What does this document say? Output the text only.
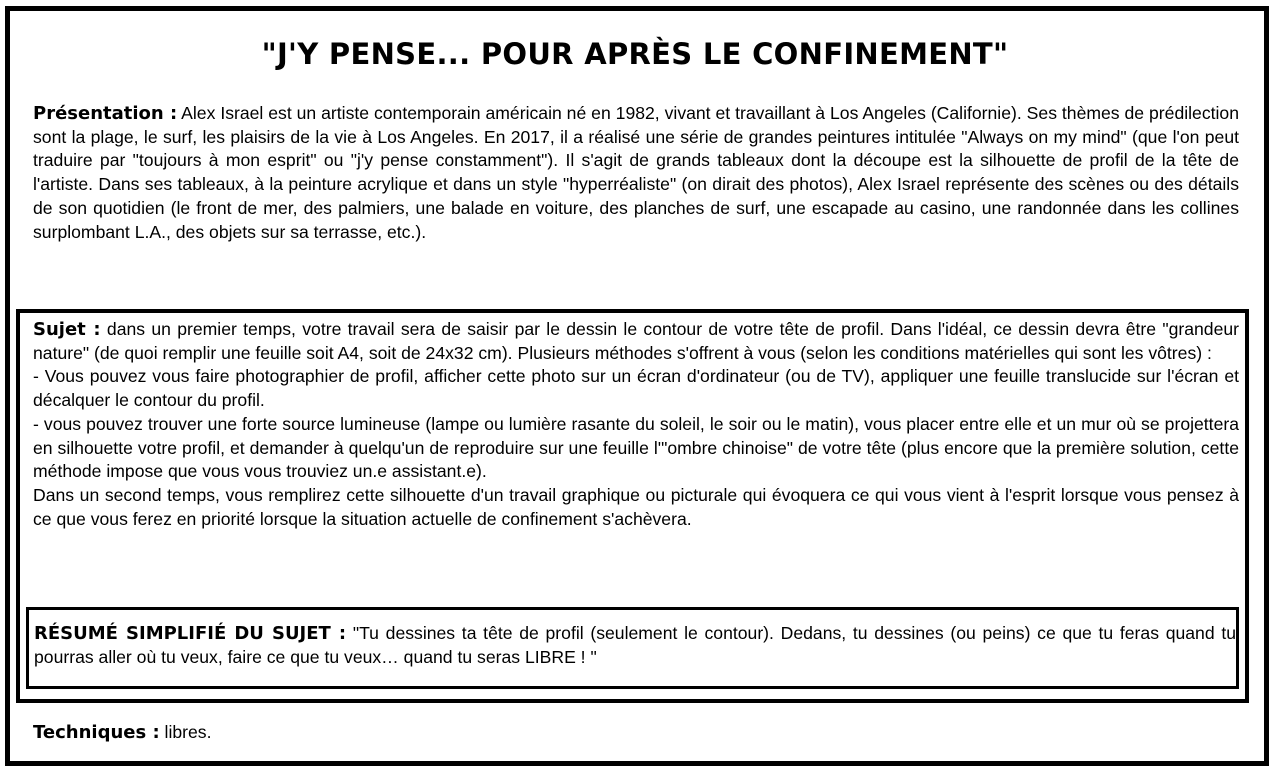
"J'Y PENSE... POUR APRÈS LE CONFINEMENT"
Présentation : Alex Israel est un artiste contemporain américain né en 1982, vivant et travaillant à Los Angeles (Californie). Ses thèmes de prédilection sont la plage, le surf, les plaisirs de la vie à Los Angeles. En 2017, il a réalisé une série de grandes peintures intitulée "Always on my mind" (que l'on peut traduire par "toujours à mon esprit" ou "j'y pense constamment"). Il s'agit de grands tableaux dont la découpe est la silhouette de profil de la tête de l'artiste. Dans ses tableaux, à la peinture acrylique et dans un style "hyperréaliste" (on dirait des photos), Alex Israel représente des scènes ou des détails de son quotidien (le front de mer, des palmiers, une balade en voiture, des planches de surf, une escapade au casino, une randonnée dans les collines surplombant L.A., des objets sur sa terrasse, etc.).
Sujet : dans un premier temps, votre travail sera de saisir par le dessin le contour de votre tête de profil. Dans l'idéal, ce dessin devra être "grandeur nature" (de quoi remplir une feuille soit A4, soit de 24x32 cm). Plusieurs méthodes s'offrent à vous (selon les conditions matérielles qui sont les vôtres) :
- Vous pouvez vous faire photographier de profil, afficher cette photo sur un écran d'ordinateur (ou de TV), appliquer une feuille translucide sur l'écran et décalquer le contour du profil.
- vous pouvez trouver une forte source lumineuse (lampe ou lumière rasante du soleil, le soir ou le matin), vous placer entre elle et un mur où se projettera en silhouette votre profil, et demander à quelqu'un de reproduire sur une feuille l'"ombre chinoise" de votre tête (plus encore que la première solution, cette méthode impose que vous vous trouviez un.e assistant.e).
Dans un second temps, vous remplirez cette silhouette d'un travail graphique ou picturale qui évoquera ce qui vous vient à l'esprit lorsque vous pensez à ce que vous ferez en priorité lorsque la situation actuelle de confinement s'achèvera.
RÉSUMÉ SIMPLIFIÉ DU SUJET : "Tu dessines ta tête de profil (seulement le contour). Dedans, tu dessines (ou peins) ce que tu feras quand tu pourras aller où tu veux, faire ce que tu veux… quand tu seras LIBRE ! "
Techniques : libres.
